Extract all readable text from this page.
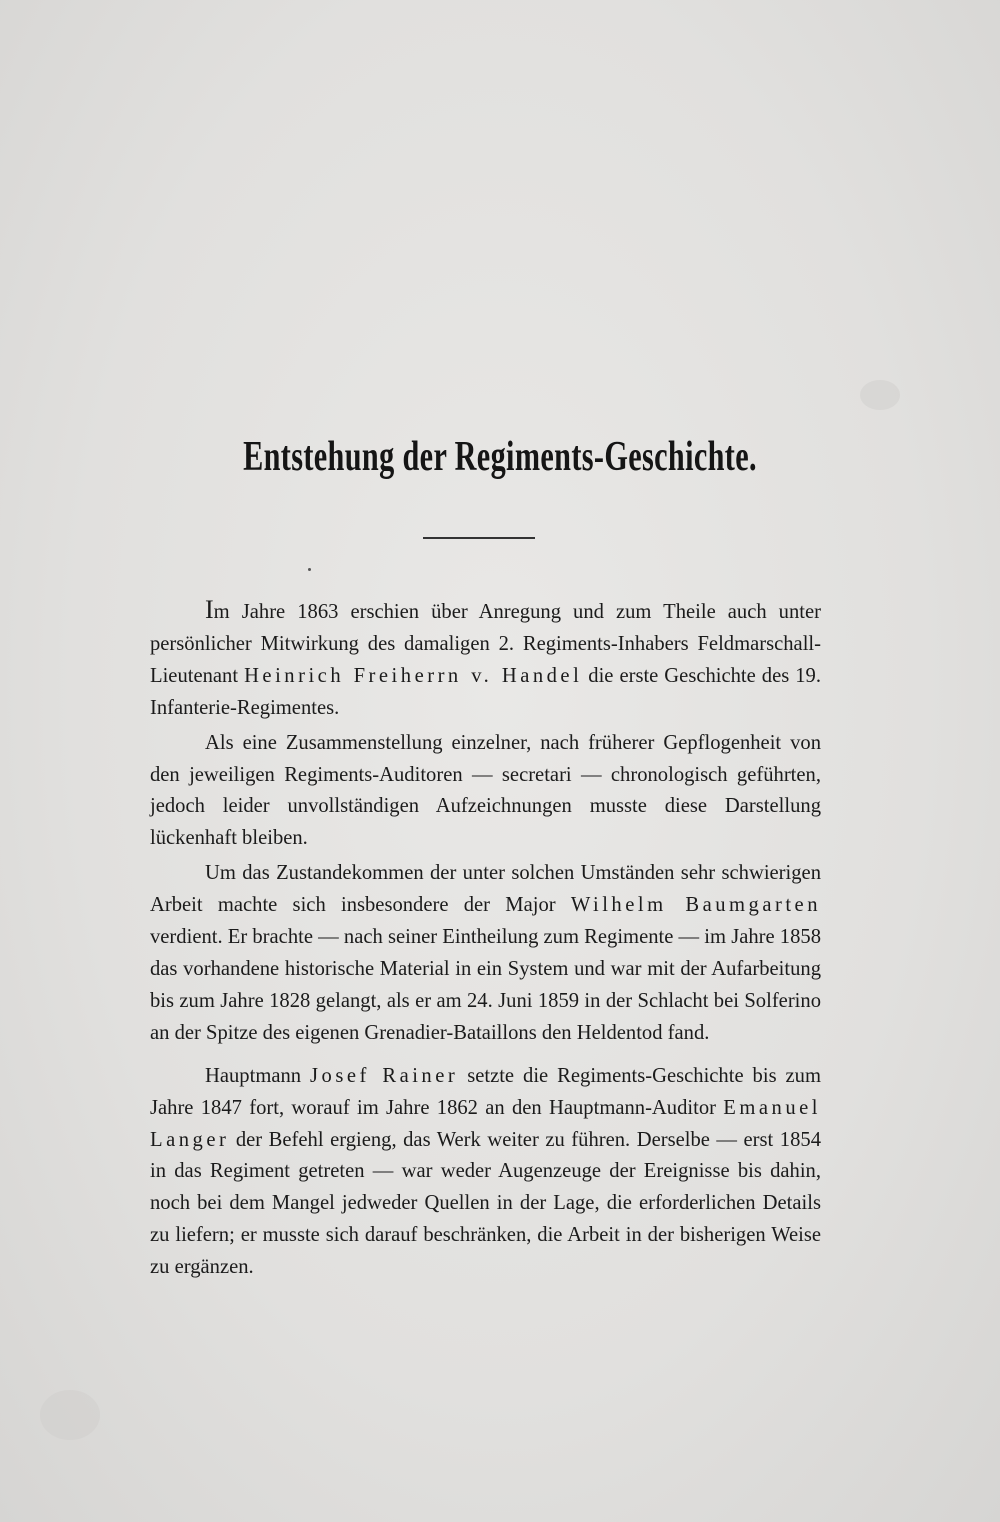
Entstehung der Regiments-Geschichte.

Im Jahre 1863 erschien über Anregung und zum Theile auch unter persönlicher Mitwirkung des damaligen 2. Regiments-Inhabers Feldmarschall-Lieutenant Heinrich Freiherrn v. Handel die erste Geschichte des 19. Infanterie-Regimentes.

Als eine Zusammenstellung einzelner, nach früherer Gepflogenheit von den jeweiligen Regiments-Auditoren — secretari — chronologisch geführten, jedoch leider unvollständigen Aufzeichnungen musste diese Darstellung lückenhaft bleiben.

Um das Zustandekommen der unter solchen Umständen sehr schwierigen Arbeit machte sich insbesondere der Major Wilhelm Baumgarten verdient. Er brachte — nach seiner Eintheilung zum Regimente — im Jahre 1858 das vorhandene historische Material in ein System und war mit der Aufarbeitung bis zum Jahre 1828 gelangt, als er am 24. Juni 1859 in der Schlacht bei Solferino an der Spitze des eigenen Grenadier-Bataillons den Heldentod fand.

Hauptmann Josef Rainer setzte die Regiments-Geschichte bis zum Jahre 1847 fort, worauf im Jahre 1862 an den Hauptmann-Auditor Emanuel Langer der Befehl ergieng, das Werk weiter zu führen. Derselbe — erst 1854 in das Regiment getreten — war weder Augenzeuge der Ereignisse bis dahin, noch bei dem Mangel jedweder Quellen in der Lage, die erforderlichen Details zu liefern; er musste sich darauf beschränken, die Arbeit in der bisherigen Weise zu ergänzen.
